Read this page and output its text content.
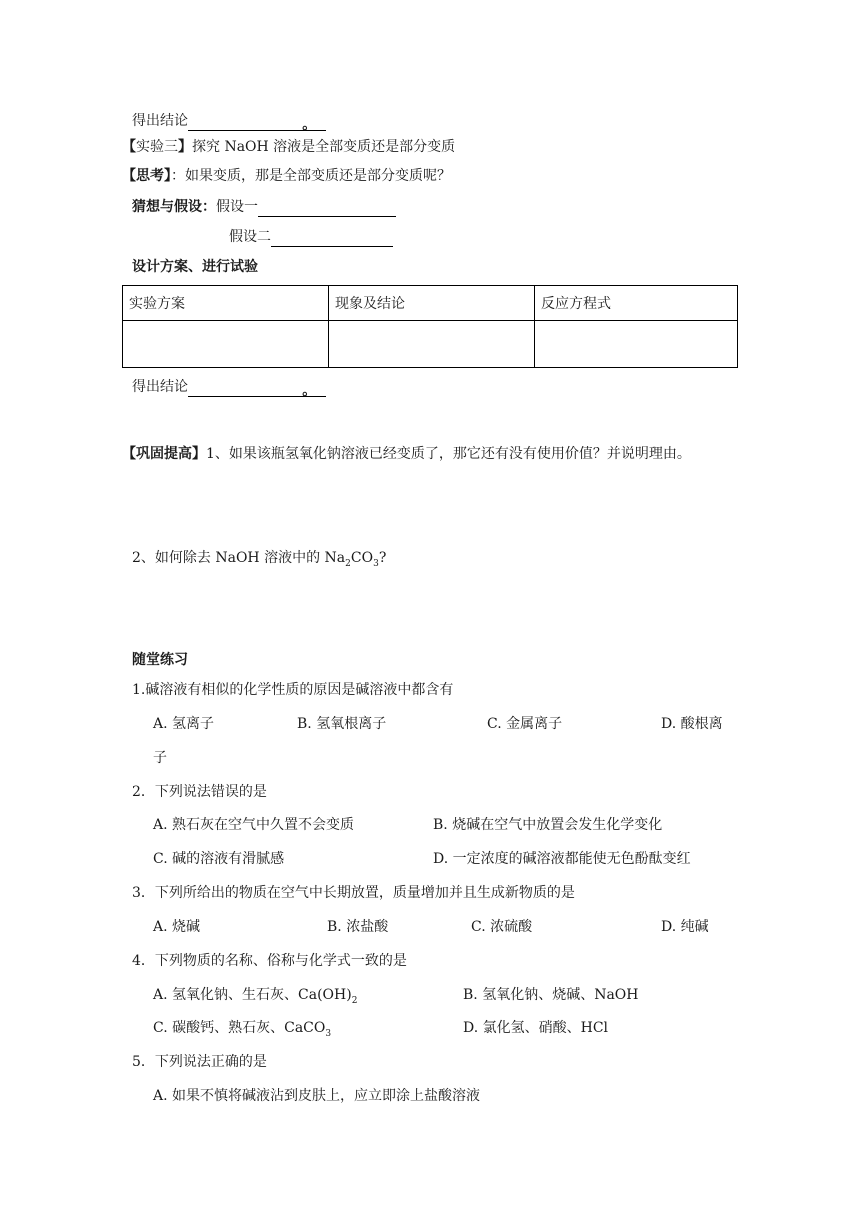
得出结论	。
【实验三】探究 NaOH 溶液是全部变质还是部分变质
【思考】：如果变质，那是全部变质还是部分变质呢？
猜想与假设：假设一
假设二
设计方案、进行试验
实验方案	现象及结论	反应方程式

得出结论	。
【巩固提高】1、如果该瓶氢氧化钠溶液已经变质了，那它还有没有使用价值？并说明理由。
2、如何除去 NaOH 溶液中的 $Na_2CO_3$?
随堂练习
1.碱溶液有相似的化学性质的原因是碱溶液中都含有
A. 氢离子	B. 氢氧根离子	C. 金属离子	D. 酸根离
子
2．下列说法错误的是
A. 熟石灰在空气中久置不会变质	B. 烧碱在空气中放置会发生化学变化
C. 碱的溶液有滑腻感	D. 一定浓度的碱溶液都能使无色酚酞变红
3．下列所给出的物质在空气中长期放置，质量增加并且生成新物质的是
A. 烧碱	B. 浓盐酸	C. 浓硫酸	D. 纯碱
4．下列物质的名称、俗称与化学式一致的是
A. 氢氧化钠、生石灰、$Ca(OH)_2$	B. 氢氧化钠、烧碱、NaOH
C. 碳酸钙、熟石灰、CaCO$_3$	D. 氯化氢、硝酸、HCl
5．下列说法正确的是
A. 如果不慎将碱液沾到皮肤上，应立即涂上盐酸溶液
